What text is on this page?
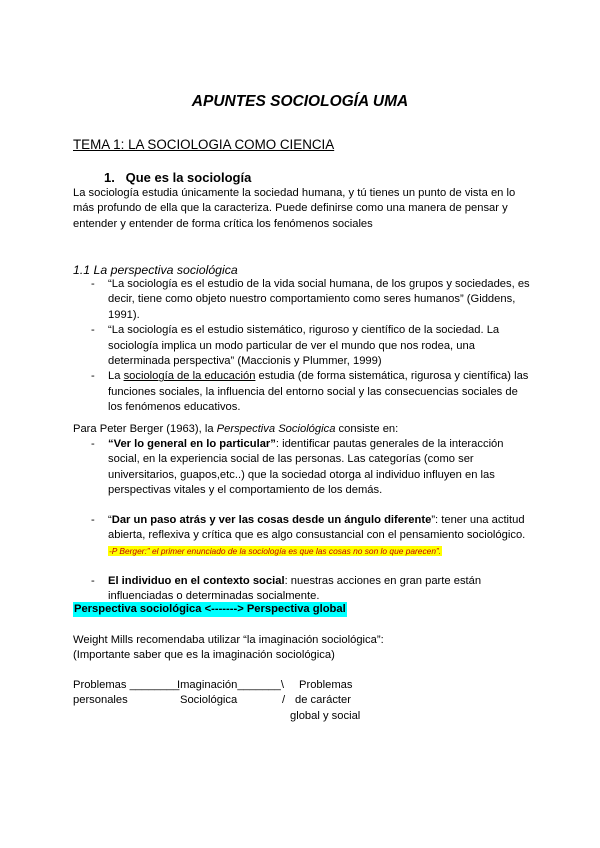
APUNTES SOCIOLOGÍA UMA
TEMA 1: LA SOCIOLOGIA COMO CIENCIA
1. Que es la sociología
La sociología estudia únicamente la sociedad humana, y tú tienes un punto de vista en lo más profundo de ella que la caracteriza. Puede definirse como una manera de pensar y entender y entender de forma crítica los fenómenos sociales
1.1 La perspectiva sociológica
- “La sociología es el estudio de la vida social humana, de los grupos y sociedades, es decir, tiene como objeto nuestro comportamiento como seres humanos” (Giddens, 1991).
- “La sociología es el estudio sistemático, riguroso y científico de la sociedad. La sociología implica un modo particular de ver el mundo que nos rodea, una determinada perspectiva” (Maccionis y Plummer, 1999)
- La sociología de la educación estudia (de forma sistemática, rigurosa y científica) las funciones sociales, la influencia del entorno social y las consecuencias sociales de los fenómenos educativos.
Para Peter Berger (1963), la Perspectiva Sociológica consiste en:
- “Ver lo general en lo particular”: identificar pautas generales de la interacción social, en la experiencia social de las personas. Las categorías (como ser universitarios, guapos,etc..) que la sociedad otorga al individuo influyen en las perspectivas vitales y el comportamiento de los demás.
- “Dar un paso atrás y ver las cosas desde un ángulo diferente”: tener una actitud abierta, reflexiva y crítica que es algo consustancial con el pensamiento sociológico.
-P Berger:” el primer enunciado de la sociología es que las cosas no son lo que parecen”.
- El individuo en el contexto social: nuestras acciones en gran parte están influenciadas o determinadas socialmente.
Perspectiva sociológica <-------> Perspectiva global
Weight Mills recomendaba utilizar “la imaginación sociológica”:
(Importante saber que es la imaginación sociológica)
Problemas ________
personales
Imaginación_______\
Sociológica	/
Problemas
de carácter
global y social
